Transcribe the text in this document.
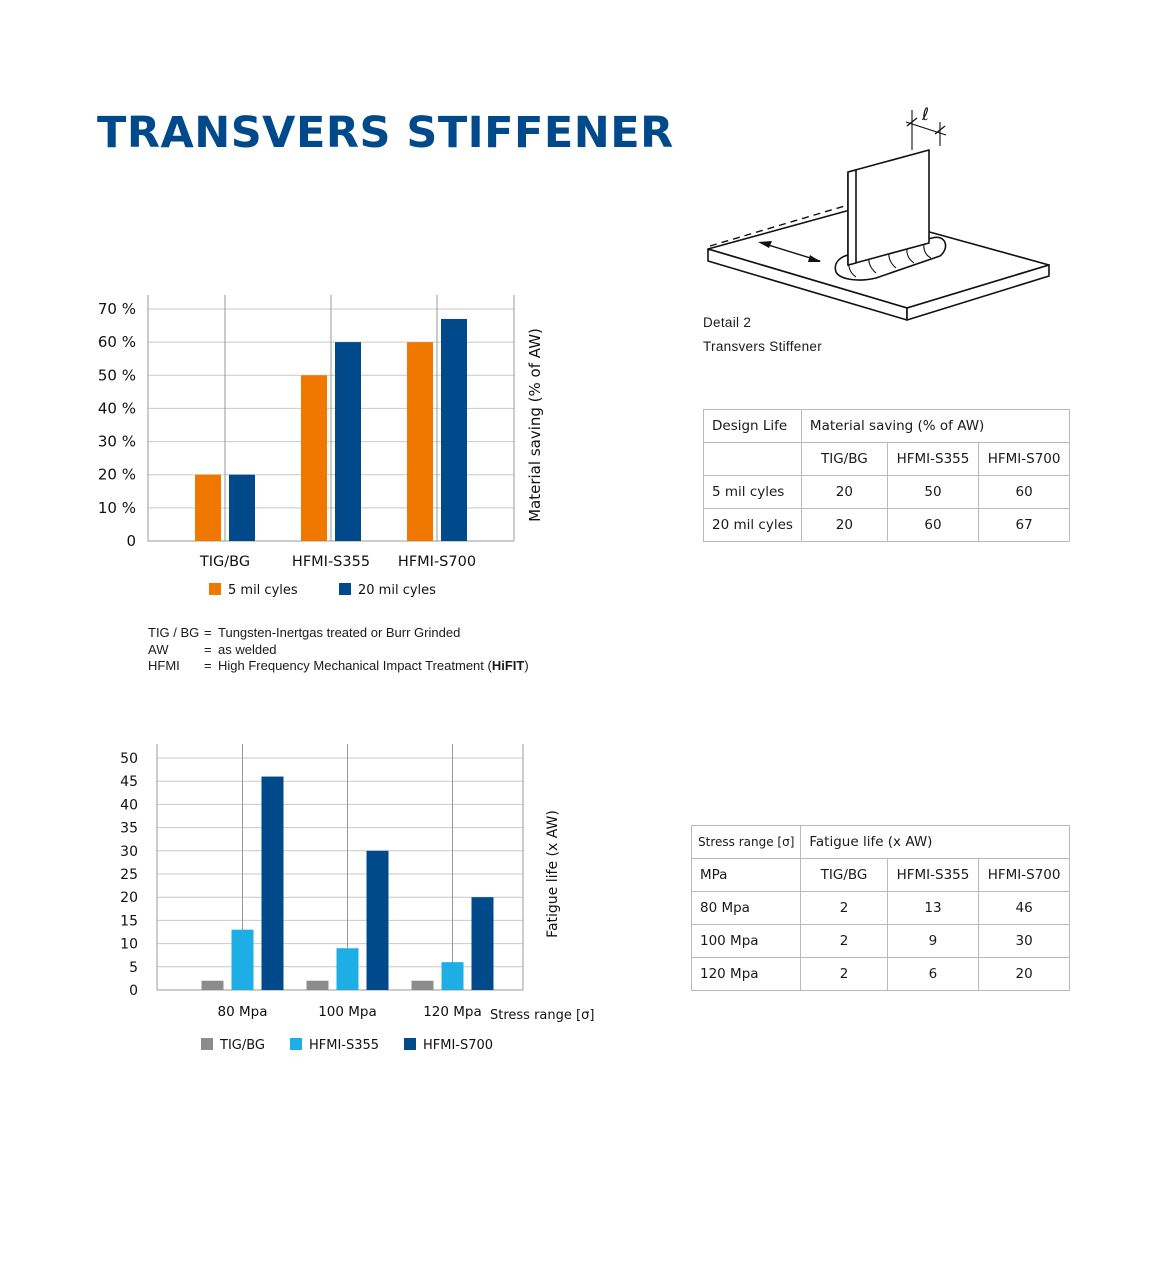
TRANSVERS STIFFENER	ℓ
Detail 2
Transvers Stiffener
0
10 %
20 %
30 %
40 %
50 %
60 %
70 %
TIG/BG	HFMI-S355 HFMI-S700
Material saving (% of AW)
5 mil cyles	20 mil cyles
0
5
10
15
20
25
30
35
40
45
50
80 Mpa	100 Mpa	120 Mpa
Fatigue life (x AW)
Stress range [σ]
TIG/BG	HFMI-S355	HFMI-S700
TIG / BG = Tungsten-Inertgas treated or Burr Grinded
AW	= as welded
HFMI	= High Frequency Mechanical Impact Treatment (HiFIT)
Design Life	Material saving (% of AW)		
	TIG/BG	HFMI-S355	HFMI-S700
5 mil cyles	20	50	60
20 mil cyles	20	60	67
Stress range [σ]	Fatigue life (x AW)		
MPa	TIG/BG	HFMI-S355	HFMI-S700
80 Mpa	2	13	46
100 Mpa	2	9	30
120 Mpa	2	6	20
